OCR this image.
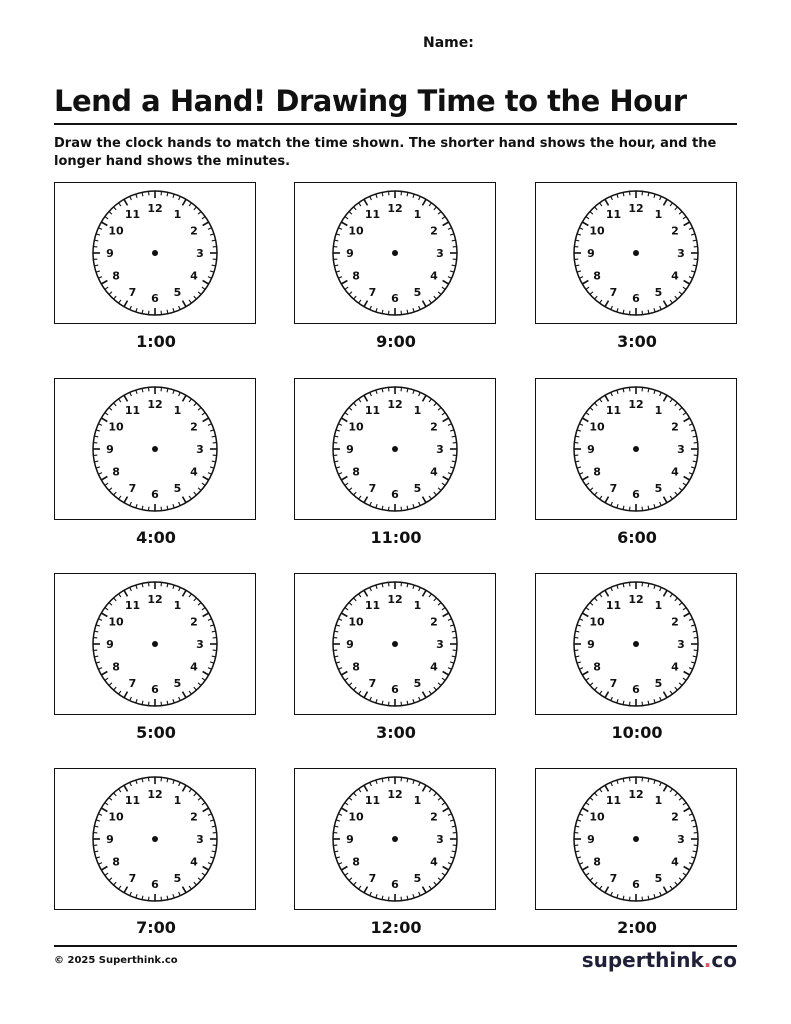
Name:
Lend a Hand! Drawing Time to the Hour
Draw the clock hands to match the time shown. The shorter hand shows the hour, and the longer hand shows the minutes.
12 1
2
3
4
5
6
7
8
9
10
11
1:00
12 1
2
3
4
5
6
7
8
9
10
11
9:00
12 1
2
3
4
5
6
7
8
9
10
11
3:00
12 1
2
3
4
5
6
7
8
9
10
11
4:00
12 1
2
3
4
5
6
7
8
9
10
11
11:00
12 1
2
3
4
5
6
7
8
9
10
11
6:00
12 1
2
3
4
5
6
7
8
9
10
11
5:00
12 1
2
3
4
5
6
7
8
9
10
11
3:00
12 1
2
3
4
5
6
7
8
9
10
11
10:00
12 1
2
3
4
5
6
7
8
9
10
11
7:00
12 1
2
3
4
5
6
7
8
9
10
11
12:00
12 1
2
3
4
5
6
7
8
9
10
11
2:00
© 2025 Superthink.co	superthink.co
